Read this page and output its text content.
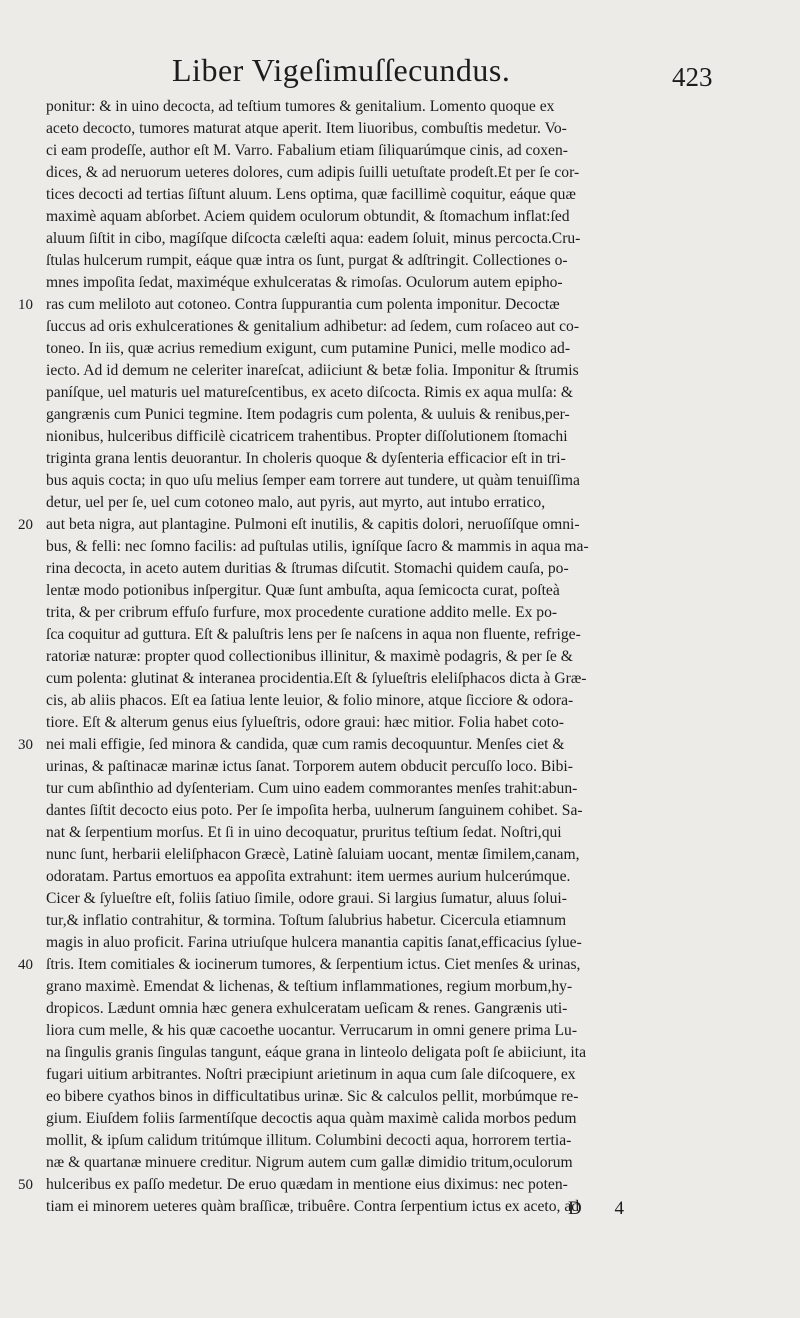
Liber Vigeſimuſſecundus.	423
ponitur: & in uino decocta, ad teſtium tumores & genitalium. Lomento quoque ex
aceto decocto, tumores maturat atque aperit. Item liuoribus, combuſtis medetur. Vo-
ci eam prodeſſe, author eſt M. Varro. Fabalium etiam ſiliquarúmque cinis, ad coxen-
dices, & ad neruorum ueteres dolores, cum adipis ſuilli uetuſtate prodeſt.Et per ſe cor-
tices decocti ad tertias ſiſtunt aluum. Lens optima, quæ facillimè coquitur, eáque quæ
maximè aquam abſorbet. Aciem quidem oculorum obtundit, & ſtomachum inflat:ſed
aluum ſiſtit in cibo, magíſque diſcocta cæleſti aqua: eadem ſoluit, minus percocta.Cru-
ſtulas hulcerum rumpit, eáque quæ intra os ſunt, purgat & adſtringit. Collectiones o-
mnes impoſita ſedat, maximéque exhulceratas & rimoſas. Oculorum autem epipho-
ras cum meliloto aut cotoneo. Contra ſuppurantia cum polenta imponitur. Decoctæ
ſuccus ad oris exhulcerationes & genitalium adhibetur: ad ſedem, cum roſaceo aut co-
toneo. In iis, quæ acrius remedium exigunt, cum putamine Punici, melle modico ad-
iecto. Ad id demum ne celeriter inareſcat, adiiciunt & betæ folia. Imponitur & ſtrumis
paníſque, uel maturis uel matureſcentibus, ex aceto diſcocta. Rimis ex aqua mulſa: &
gangrænis cum Punici tegmine. Item podagris cum polenta, & uuluis & renibus,per-
nionibus, hulceribus difficilè cicatricem trahentibus. Propter diſſolutionem ſtomachi
triginta grana lentis deuorantur. In choleris quoque & dyſenteria efficacior eſt in tri-
bus aquis cocta; in quo uſu melius ſemper eam torrere aut tundere, ut quàm tenuiſſima
detur, uel per ſe, uel cum cotoneo malo, aut pyris, aut myrto, aut intubo erratico,
aut beta nigra, aut plantagine. Pulmoni eſt inutilis, & capitis dolori, neruoſíſque omni-
bus, & felli: nec ſomno facilis: ad puſtulas utilis, igníſque ſacro & mammis in aqua ma-
rina decocta, in aceto autem duritias & ſtrumas diſcutit. Stomachi quidem cauſa, po-
lentæ modo potionibus inſpergitur. Quæ ſunt ambuſta, aqua ſemicocta curat, poſteà
trita, & per cribrum effuſo furfure, mox procedente curatione addito melle. Ex po-
ſca coquitur ad guttura. Eſt & paluſtris lens per ſe naſcens in aqua non fluente, refrige-
ratoriæ naturæ: propter quod collectionibus illinitur, & maximè podagris, & per ſe &
cum polenta: glutinat & interanea procidentia.Eſt & ſylueſtris eleliſphacos dicta à Græ-
cis, ab aliis phacos. Eſt ea ſatiua lente leuior, & folio minore, atque ſicciore & odora-
tiore. Eſt & alterum genus eius ſylueſtris, odore graui: hæc mitior. Folia habet coto-
nei mali effigie, ſed minora & candida, quæ cum ramis decoquuntur. Menſes ciet &
urinas, & paſtinacæ marinæ ictus ſanat. Torporem autem obducit percuſſo loco. Bibi-
tur cum abſinthio ad dyſenteriam. Cum uino eadem commorantes menſes trahit:abun-
dantes ſiſtit decocto eius poto. Per ſe impoſita herba, uulnerum ſanguinem cohibet. Sa-
nat & ſerpentium morſus. Et ſi in uino decoquatur, pruritus teſtium ſedat. Noſtri,qui
nunc ſunt, herbarii eleliſphacon Græcè, Latinè ſaluiam uocant, mentæ ſimilem,canam,
odoratam. Partus emortuos ea appoſita extrahunt: item uermes aurium hulcerúmque.
Cicer & ſylueſtre eſt, foliis ſatiuo ſimile, odore graui. Si largius ſumatur, aluus ſolui-
tur,& inflatio contrahitur, & tormina. Toſtum ſalubrius habetur. Cicercula etiamnum
magis in aluo proficit. Farina utriuſque hulcera manantia capitis ſanat,efficacius ſylue-
ſtris. Item comitiales & iocinerum tumores, & ſerpentium ictus. Ciet menſes & urinas,
grano maximè. Emendat & lichenas, & teſtium inflammationes, regium morbum,hy-
dropicos. Lædunt omnia hæc genera exhulceratam ueſicam & renes. Gangrænis uti-
liora cum melle, & his quæ cacoethe uocantur. Verrucarum in omni genere prima Lu-
na ſingulis granis ſingulas tangunt, eáque grana in linteolo deligata poſt ſe abiiciunt, ita
fugari uitium arbitrantes. Noſtri præcipiunt arietinum in aqua cum ſale diſcoquere, ex
eo bibere cyathos binos in difficultatibus urinæ. Sic & calculos pellit, morbúmque re-
gium. Eiuſdem foliis ſarmentíſque decoctis aqua quàm maximè calida morbos pedum
mollit, & ipſum calidum tritúmque illitum. Columbini decocti aqua, horrorem tertia-
næ & quartanæ minuere creditur. Nigrum autem cum gallæ dimidio tritum,oculorum
hulceribus ex paſſo medetur. De eruo quædam in mentione eius diximus: nec poten-
tiam ei minorem ueteres quàm braſſicæ, tribuêre. Contra ſerpentium ictus ex aceto, ad
10
20
30
40
50
D 4
